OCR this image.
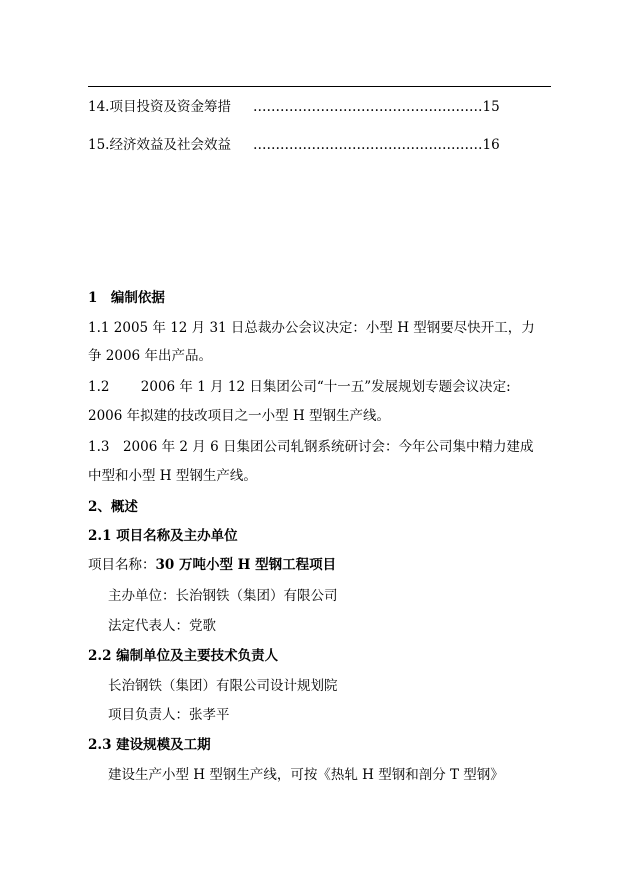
14.项目投资及资金筹措 ……………………………………………15
15.经济效益及社会效益 ……………………………………………16
1　编制依据
1.1 2005 年 12 月 31 日总裁办公会议决定：小型 H 型钢要尽快开工，力
争 2006 年出产品。
1.2　　 2006 年 1 月 12 日集团公司“十一五”发展规划专题会议决定:
2006 年拟建的技改项目之一小型 H 型钢生产线。
1.3　2006 年 2 月 6 日集团公司轧钢系统研讨会：今年公司集中精力建成
中型和小型 H 型钢生产线。
2、概述
2.1 项目名称及主办单位
项目名称：30 万吨小型 H 型钢工程项目
主办单位：长治钢铁（集团）有限公司
法定代表人：党歌
2.2 编制单位及主要技术负责人
长治钢铁（集团）有限公司设计规划院
项目负责人：张孝平
2.3 建设规模及工期
建设生产小型 H 型钢生产线，可按《热轧 H 型钢和剖分 T 型钢》
